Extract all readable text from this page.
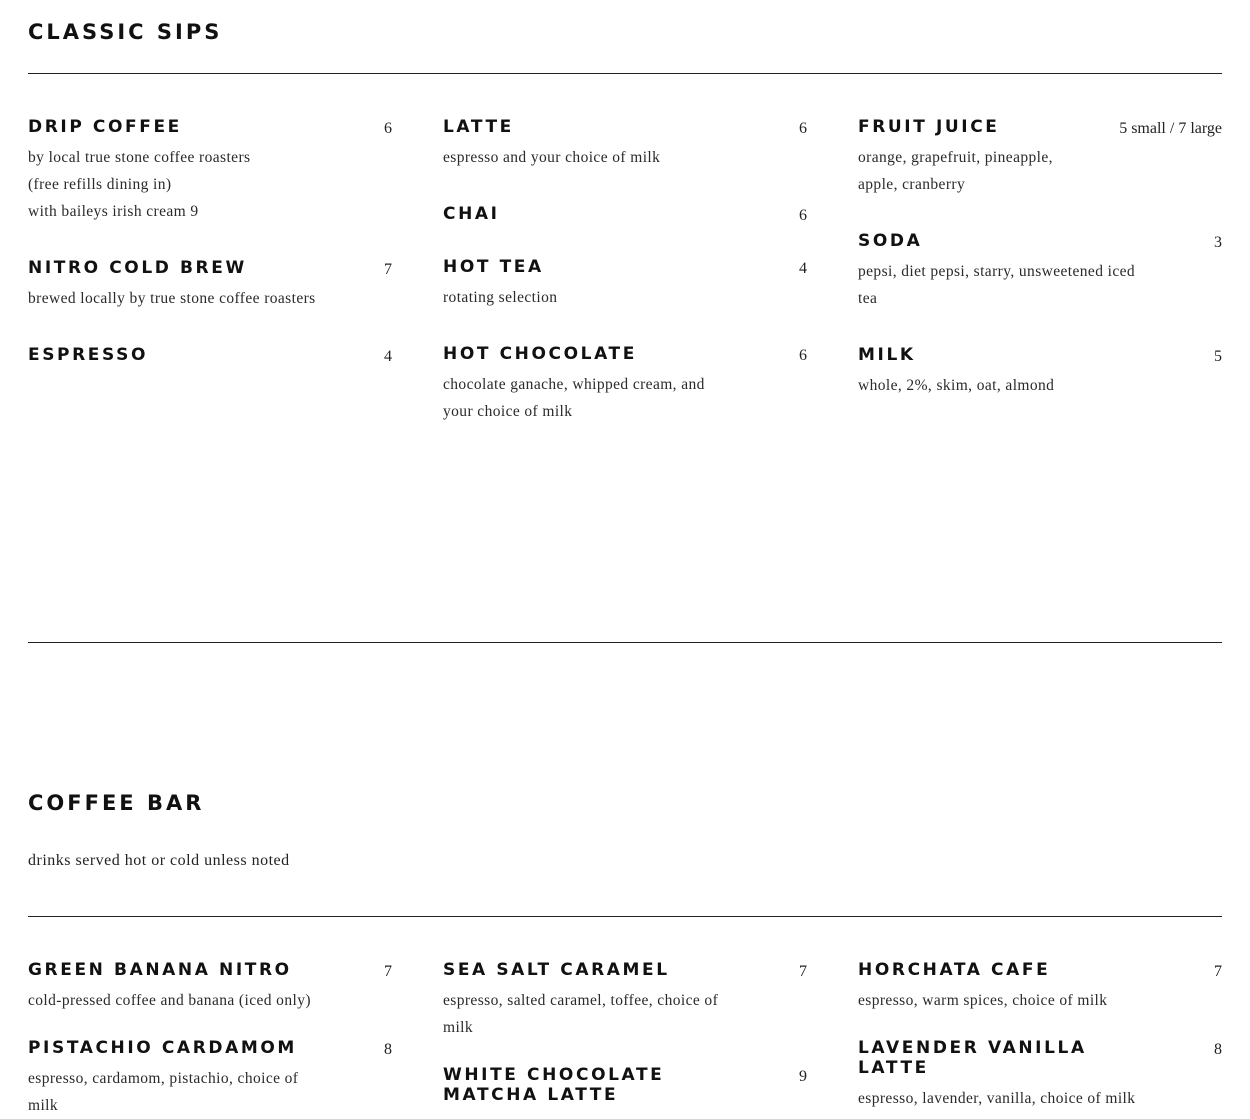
CLASSIC SIPS
DRIP COFFEE	6
by local true stone coffee roasters
(free refills dining in)
with baileys irish cream 9
NITRO COLD BREW	7
brewed locally by true stone coffee roasters
ESPRESSO	4
LATTE	6
espresso and your choice of milk
CHAI	6
HOT TEA	4
rotating selection
HOT CHOCOLATE	6
chocolate ganache, whipped cream, and
your choice of milk
FRUIT JUICE	5 small / 7 large
orange, grapefruit, pineapple,
apple, cranberry
SODA	3
pepsi, diet pepsi, starry, unsweetened iced
tea
MILK	5
whole, 2%, skim, oat, almond
COFFEE BAR
drinks served hot or cold unless noted
GREEN BANANA NITRO	7
cold-pressed coffee and banana (iced only)
PISTACHIO CARDAMOM	8
espresso, cardamom, pistachio, choice of
milk
SEA SALT CARAMEL	7
espresso, salted caramel, toffee, choice of
milk
WHITE CHOCOLATE MATCHA LATTE
9
HORCHATA CAFE	7
espresso, warm spices, choice of milk
LAVENDER VANILLA LATTE
8
espresso, lavender, vanilla, choice of milk
